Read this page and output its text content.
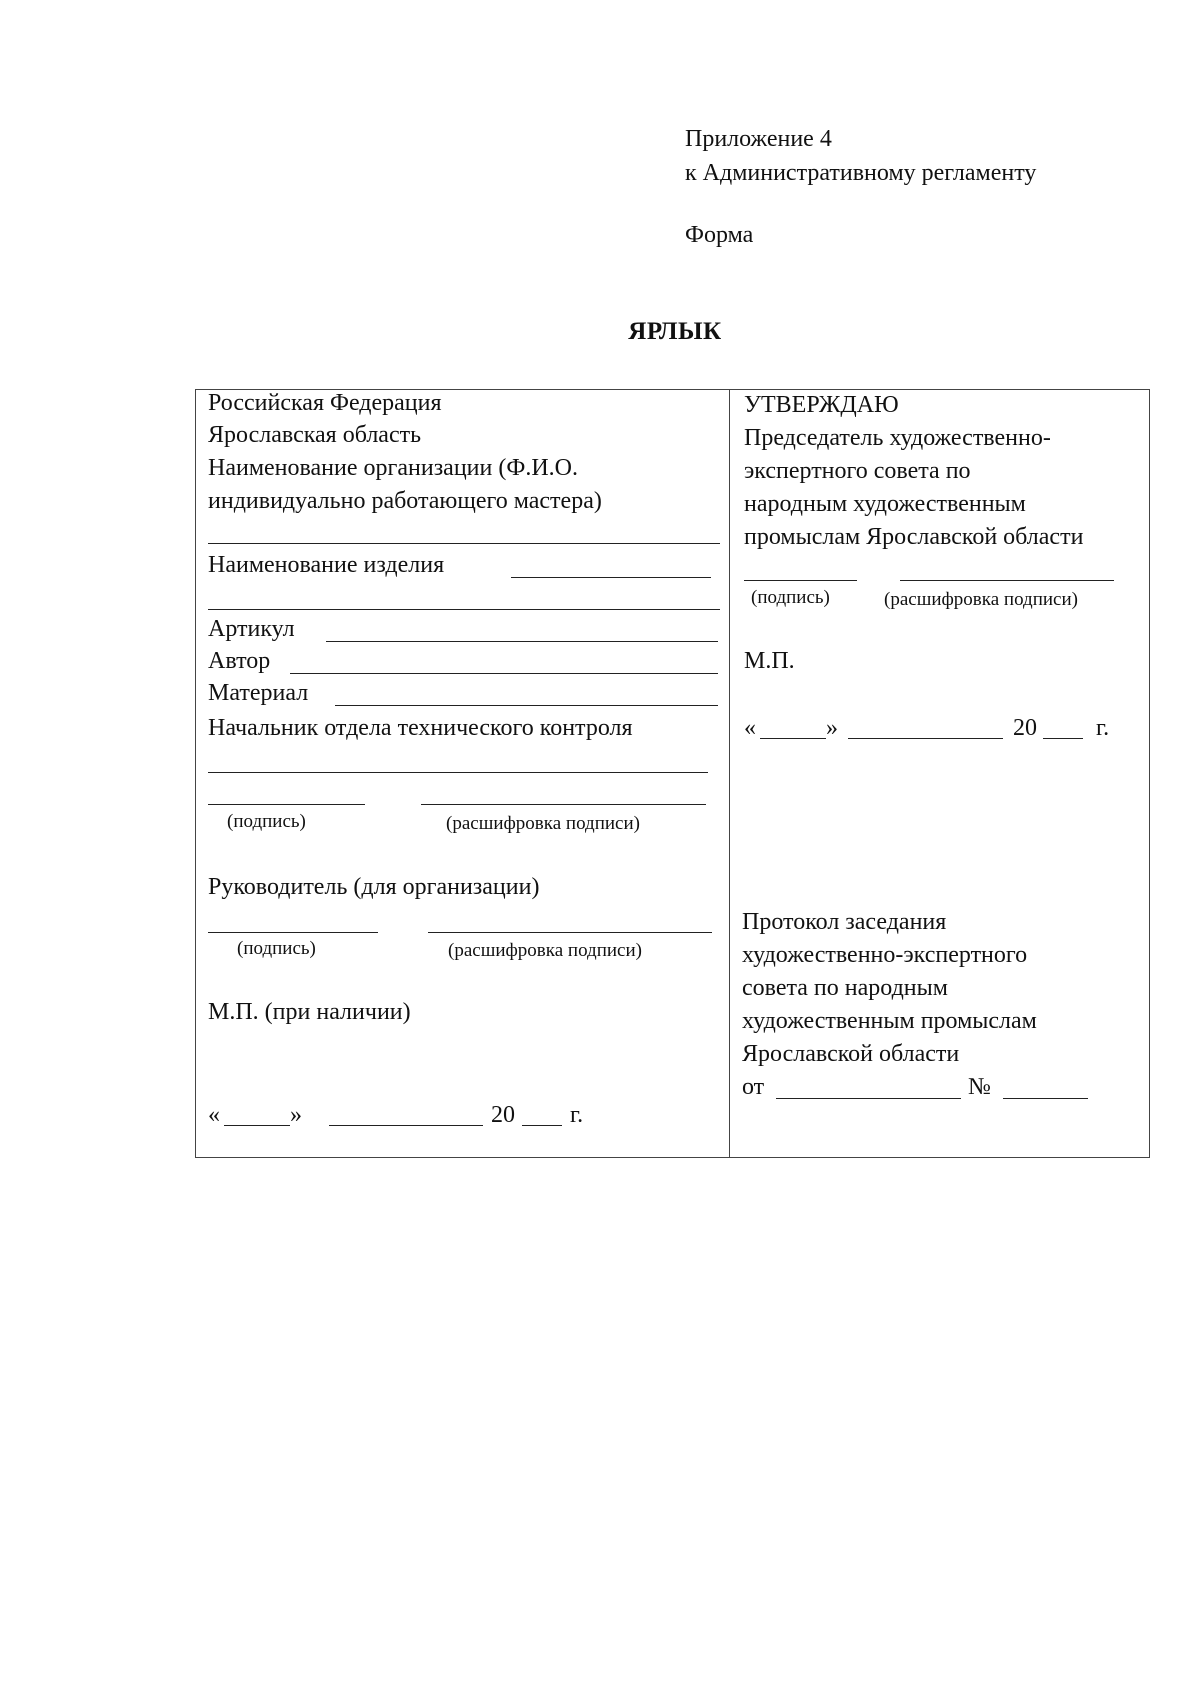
Приложение 4
к Административному регламенту
Форма
ЯРЛЫК
Российская Федерация
Ярославская область
Наименование организации (Ф.И.О.
индивидуально работающего мастера)
Наименование изделия
Артикул
Автор
Материал
Начальник отдела технического контроля
(подпись)	(расшифровка подписи)
Руководитель (для организации)
(подпись)	(расшифровка подписи)
М.П. (при наличии)
«	»	20 г.
УТВЕРЖДАЮ
Председатель художественно-
экспертного совета по
народным художественным
промыслам Ярославской области
(подпись)	(расшифровка подписи)
М.П.
«	»	20 г.
Протокол заседания
художественно-экспертного
совета по народным
художественным промыслам
Ярославской области
от	№
